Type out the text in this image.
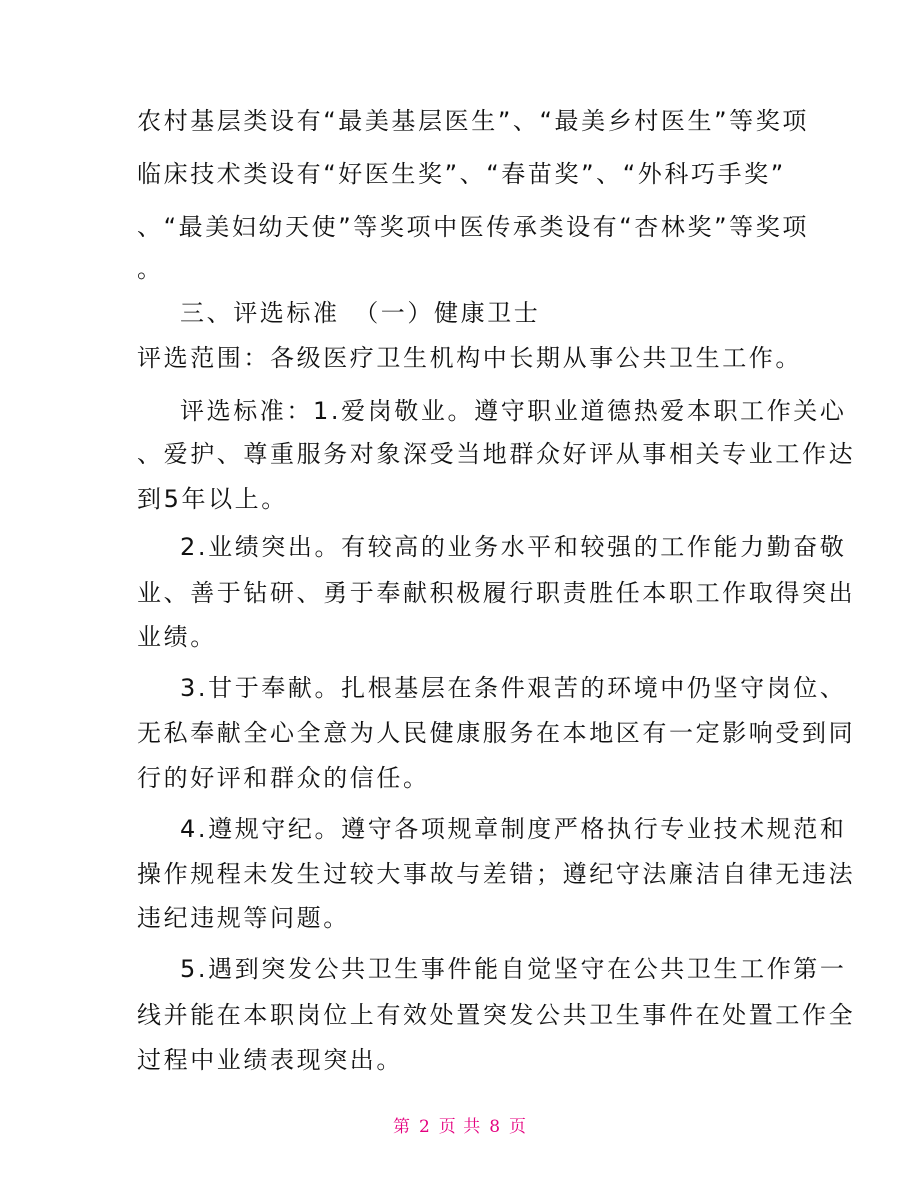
农村基层类设有“最美基层医生”、“最美乡村医生”等奖项
临床技术类设有“好医生奖”、“春苗奖”、“外科巧手奖”
、“最美妇幼天使”等奖项中医传承类设有“杏林奖”等奖项
。
三、评选标准　（一）健康卫士
评选范围：各级医疗卫生机构中长期从事公共卫生工作。
评选标准：1.爱岗敬业。遵守职业道德热爱本职工作关心
、爱护、尊重服务对象深受当地群众好评从事相关专业工作达
到5年以上。
2.业绩突出。有较高的业务水平和较强的工作能力勤奋敬
业、善于钻研、勇于奉献积极履行职责胜任本职工作取得突出
业绩。
3.甘于奉献。扎根基层在条件艰苦的环境中仍坚守岗位、
无私奉献全心全意为人民健康服务在本地区有一定影响受到同
行的好评和群众的信任。
4.遵规守纪。遵守各项规章制度严格执行专业技术规范和
操作规程未发生过较大事故与差错；遵纪守法廉洁自律无违法
违纪违规等问题。
5.遇到突发公共卫生事件能自觉坚守在公共卫生工作第一
线并能在本职岗位上有效处置突发公共卫生事件在处置工作全
过程中业绩表现突出。
第 2 页 共 8 页
